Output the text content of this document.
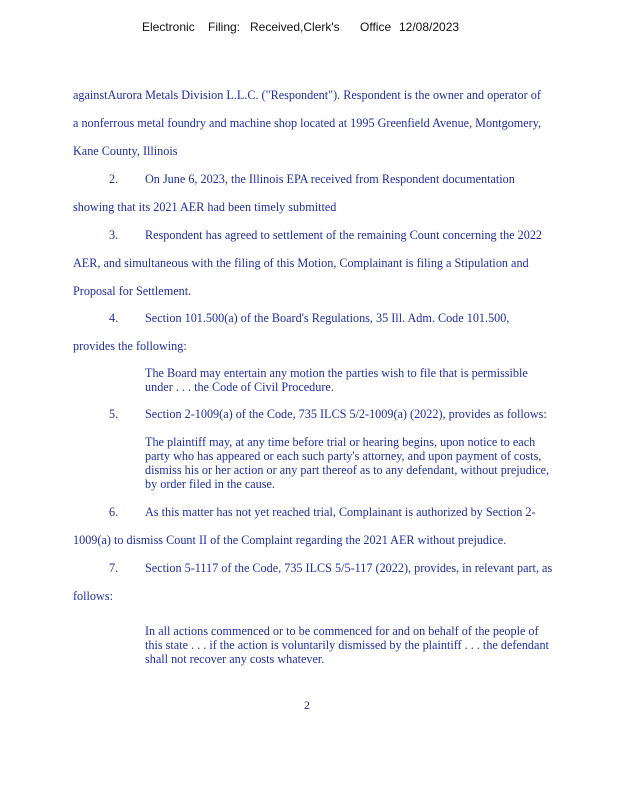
Electronic Filing: Received,Clerk's Office 12/08/2023
againstAurora Metals Division L.L.C. ("Respondent"). Respondent is the owner and operator of
a nonferrous metal foundry and machine shop located at 1995 Greenfield Avenue, Montgomery,
Kane County, Illinois
2. On June 6, 2023, the Illinois EPA received from Respondent documentation
showing that its 2021 AER had been timely submitted
3. Respondent has agreed to settlement of the remaining Count concerning the 2022
AER, and simultaneous with the filing of this Motion, Complainant is filing a Stipulation and
Proposal for Settlement.
4. Section 101.500(a) of the Board's Regulations, 35 Ill. Adm. Code 101.500,
provides the following:
The Board may entertain any motion the parties wish to file that is permissible
under . . . the Code of Civil Procedure.
5. Section 2-1009(a) of the Code, 735 ILCS 5/2-1009(a) (2022), provides as follows:
The plaintiff may, at any time before trial or hearing begins, upon notice to each
party who has appeared or each such party's attorney, and upon payment of costs,
dismiss his or her action or any part thereof as to any defendant, without prejudice,
by order filed in the cause.
6. As this matter has not yet reached trial, Complainant is authorized by Section 2-
1009(a) to dismiss Count II of the Complaint regarding the 2021 AER without prejudice.
7. Section 5-1117 of the Code, 735 ILCS 5/5-117 (2022), provides, in relevant part, as
follows:
In all actions commenced or to be commenced for and on behalf of the people of
this state . . . if the action is voluntarily dismissed by the plaintiff . . . the defendant
shall not recover any costs whatever.
2
